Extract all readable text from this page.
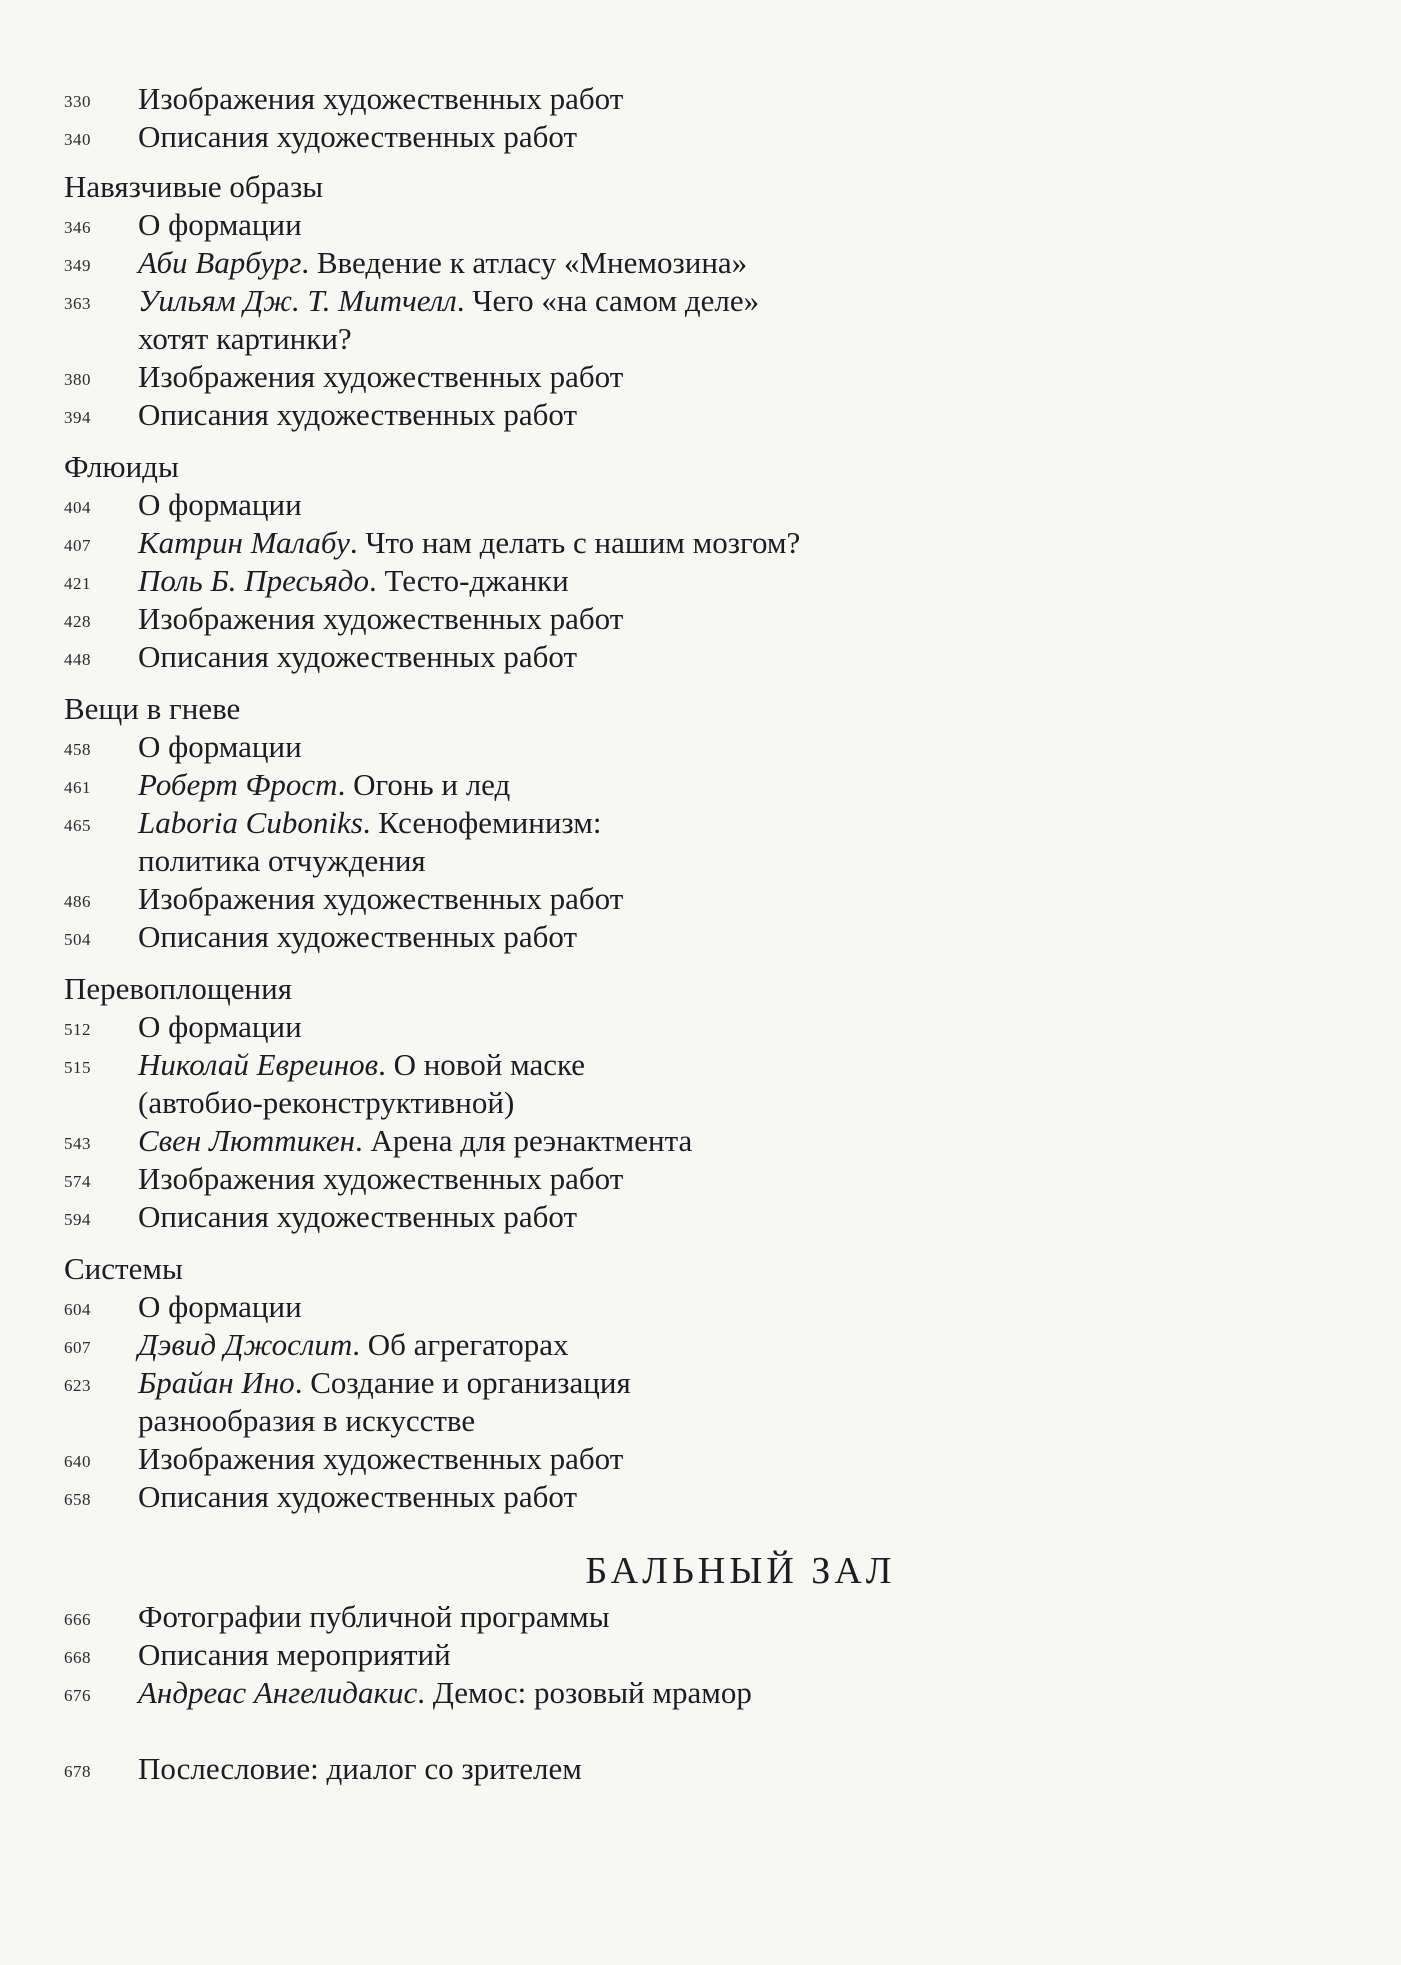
330	Изображения художественных работ
340	Описания художественных работ
Навязчивые образы
346	О формации
349	Аби Варбург. Введение к атласу «Мнемозина»
363	Уильям Дж. Т. Митчелл. Чего «на самом деле»
хотят картинки?
380	Изображения художественных работ
394	Описания художественных работ
Флюиды
404	О формации
407	Катрин Малабу. Что нам делать с нашим мозгом?
421	Поль Б. Пресьядо. Тесто-джанки
428	Изображения художественных работ
448	Описания художественных работ
Вещи в гневе
458	О формации
461	Роберт Фрост. Огонь и лед
465	Laboria Cuboniks. Ксенофеминизм:
политика отчуждения
486	Изображения художественных работ
504	Описания художественных работ
Перевоплощения
512	О формации
515	Николай Евреинов. О новой маске
(автобио-реконструктивной)
543	Свен Люттикен. Арена для реэнактмента
574	Изображения художественных работ
594	Описания художественных работ
Системы
604	О формации
607	Дэвид Джослит. Об агрегаторах
623	Брайан Ино. Создание и организация
разнообразия в искусстве
640	Изображения художественных работ
658	Описания художественных работ
БАЛЬНЫЙ ЗАЛ
666	Фотографии публичной программы
668	Описания мероприятий
676	Андреас Ангелидакис. Демос: розовый мрамор
678	Послесловие: диалог со зрителем
